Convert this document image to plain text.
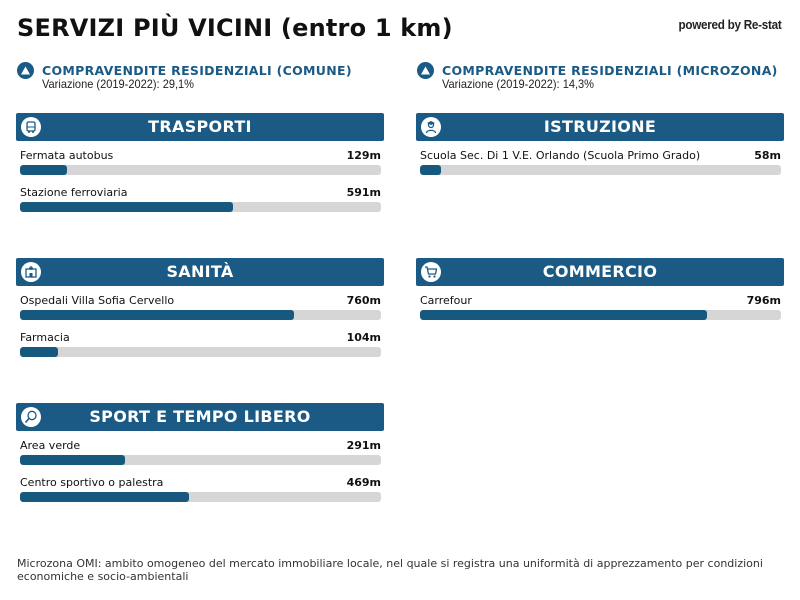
SERVIZI PIÙ VICINI (entro 1 km)	powered by Re-stat
COMPRAVENDITE RESIDENZIALI (COMUNE)
Variazione (2019-2022): 29,1%
COMPRAVENDITE RESIDENZIALI (MICROZONA)
Variazione (2019-2022): 14,3%
TRASPORTI
Fermata autobus	129m
Stazione ferroviaria	591m
ISTRUZIONE
Scuola Sec. Di 1 V.E. Orlando (Scuola Primo Grado)	58m
SANITÀ
Ospedali Villa Sofia Cervello	760m
Farmacia	104m
COMMERCIO
Carrefour	796m
SPORT E TEMPO LIBERO
Area verde	291m
Centro sportivo o palestra	469m
Microzona OMI: ambito omogeneo del mercato immobiliare locale, nel quale si registra una uniformità di apprezzamento per condizioni economiche e socio-ambientali
